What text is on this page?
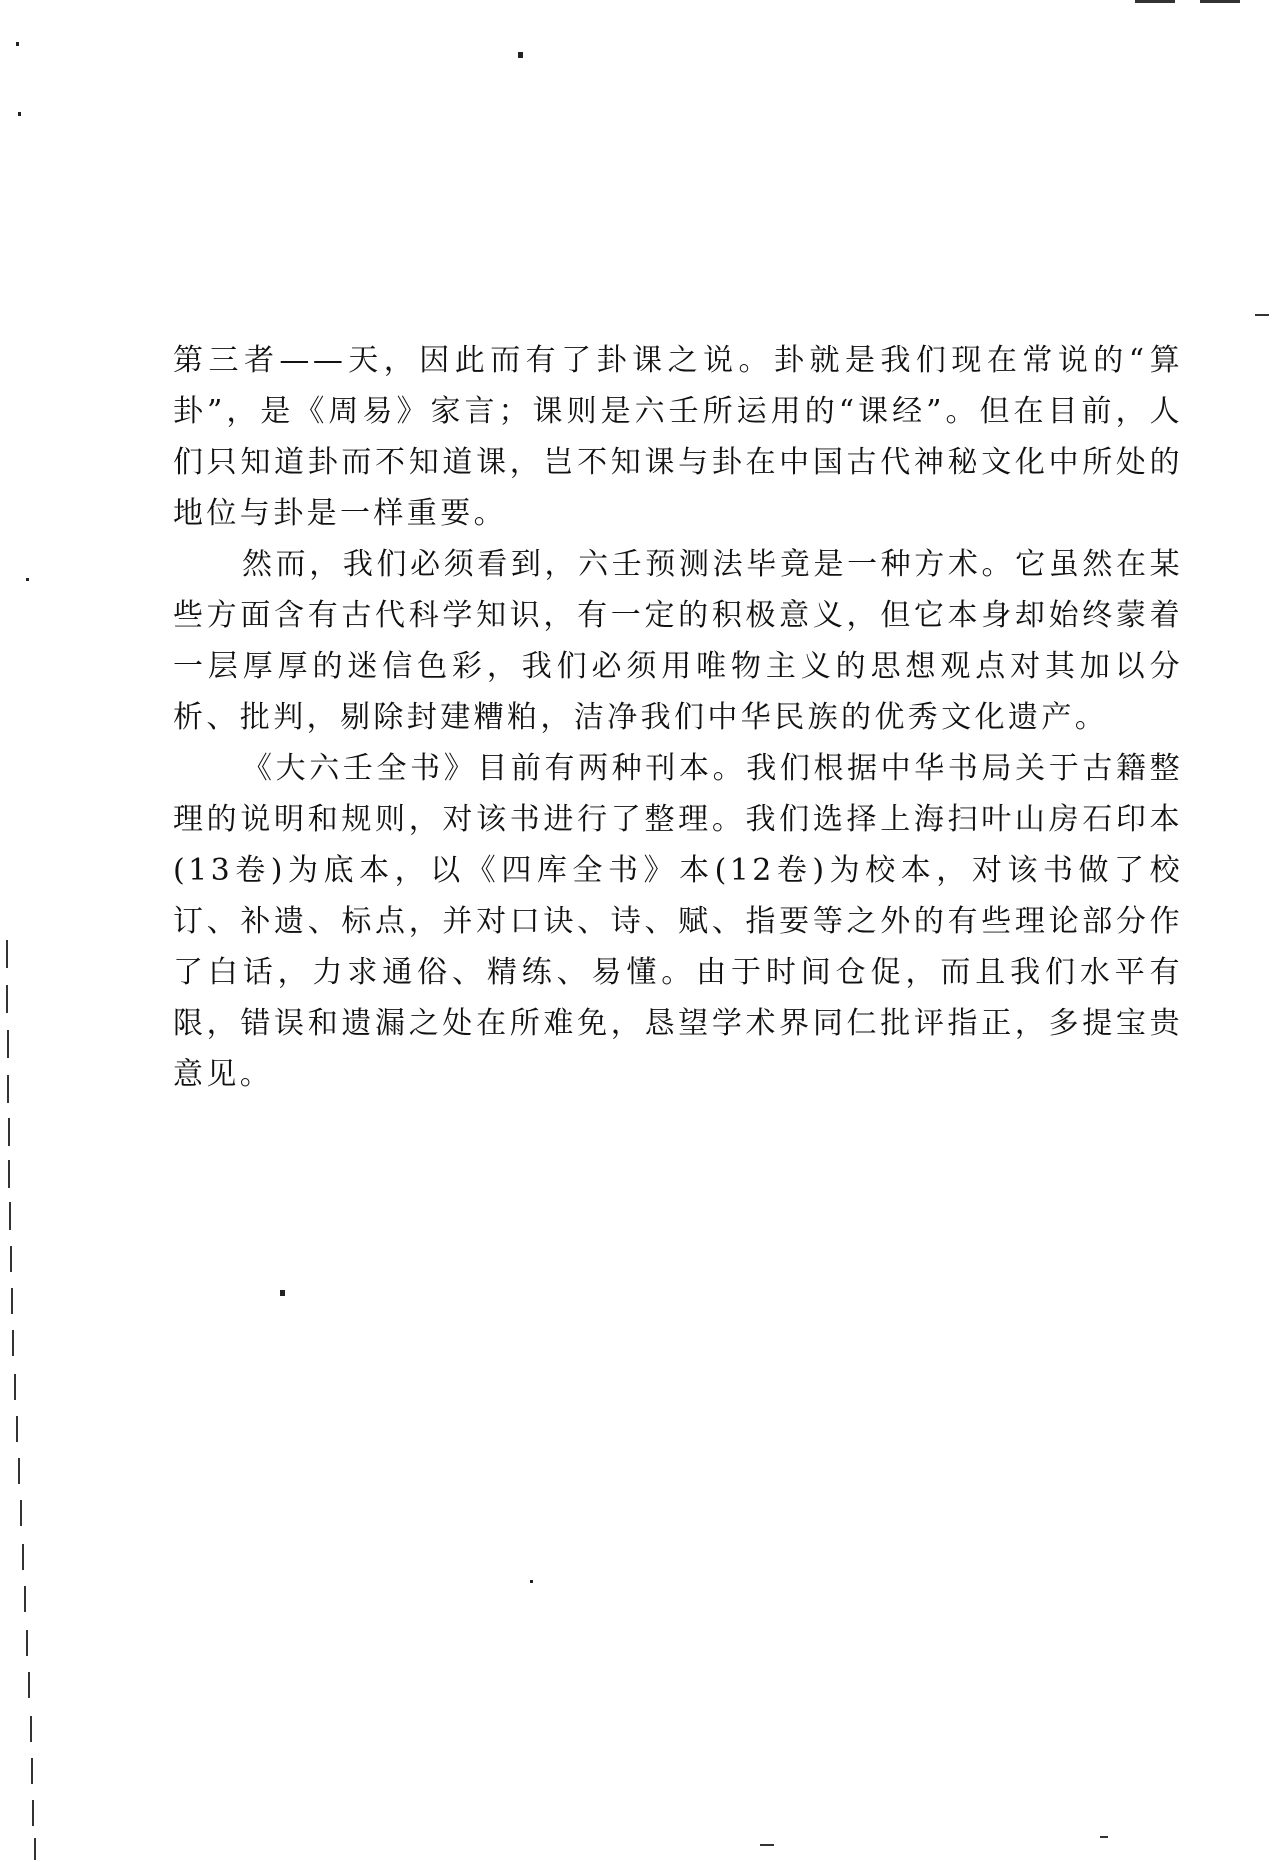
第三者——天，因此而有了卦课之说。卦就是我们现在常说的“算卦”，是《周易》家言；课则是六壬所运用的“课经”。但在目前，人们只知道卦而不知道课，岂不知课与卦在中国古代神秘文化中所处的地位与卦是一样重要。

然而，我们必须看到，六壬预测法毕竟是一种方术。它虽然在某些方面含有古代科学知识，有一定的积极意义，但它本身却始终蒙着一层厚厚的迷信色彩，我们必须用唯物主义的思想观点对其加以分析、批判，剔除封建糟粕，洁净我们中华民族的优秀文化遗产。

《大六壬全书》目前有两种刊本。我们根据中华书局关于古籍整理的说明和规则，对该书进行了整理。我们选择上海扫叶山房石印本(13卷)为底本，以《四库全书》本(12卷)为校本，对该书做了校订、补遗、标点，并对口诀、诗、赋、指要等之外的有些理论部分作了白话，力求通俗、精练、易懂。由于时间仓促，而且我们水平有限，错误和遗漏之处在所难免，恳望学术界同仁批评指正，多提宝贵意见。
